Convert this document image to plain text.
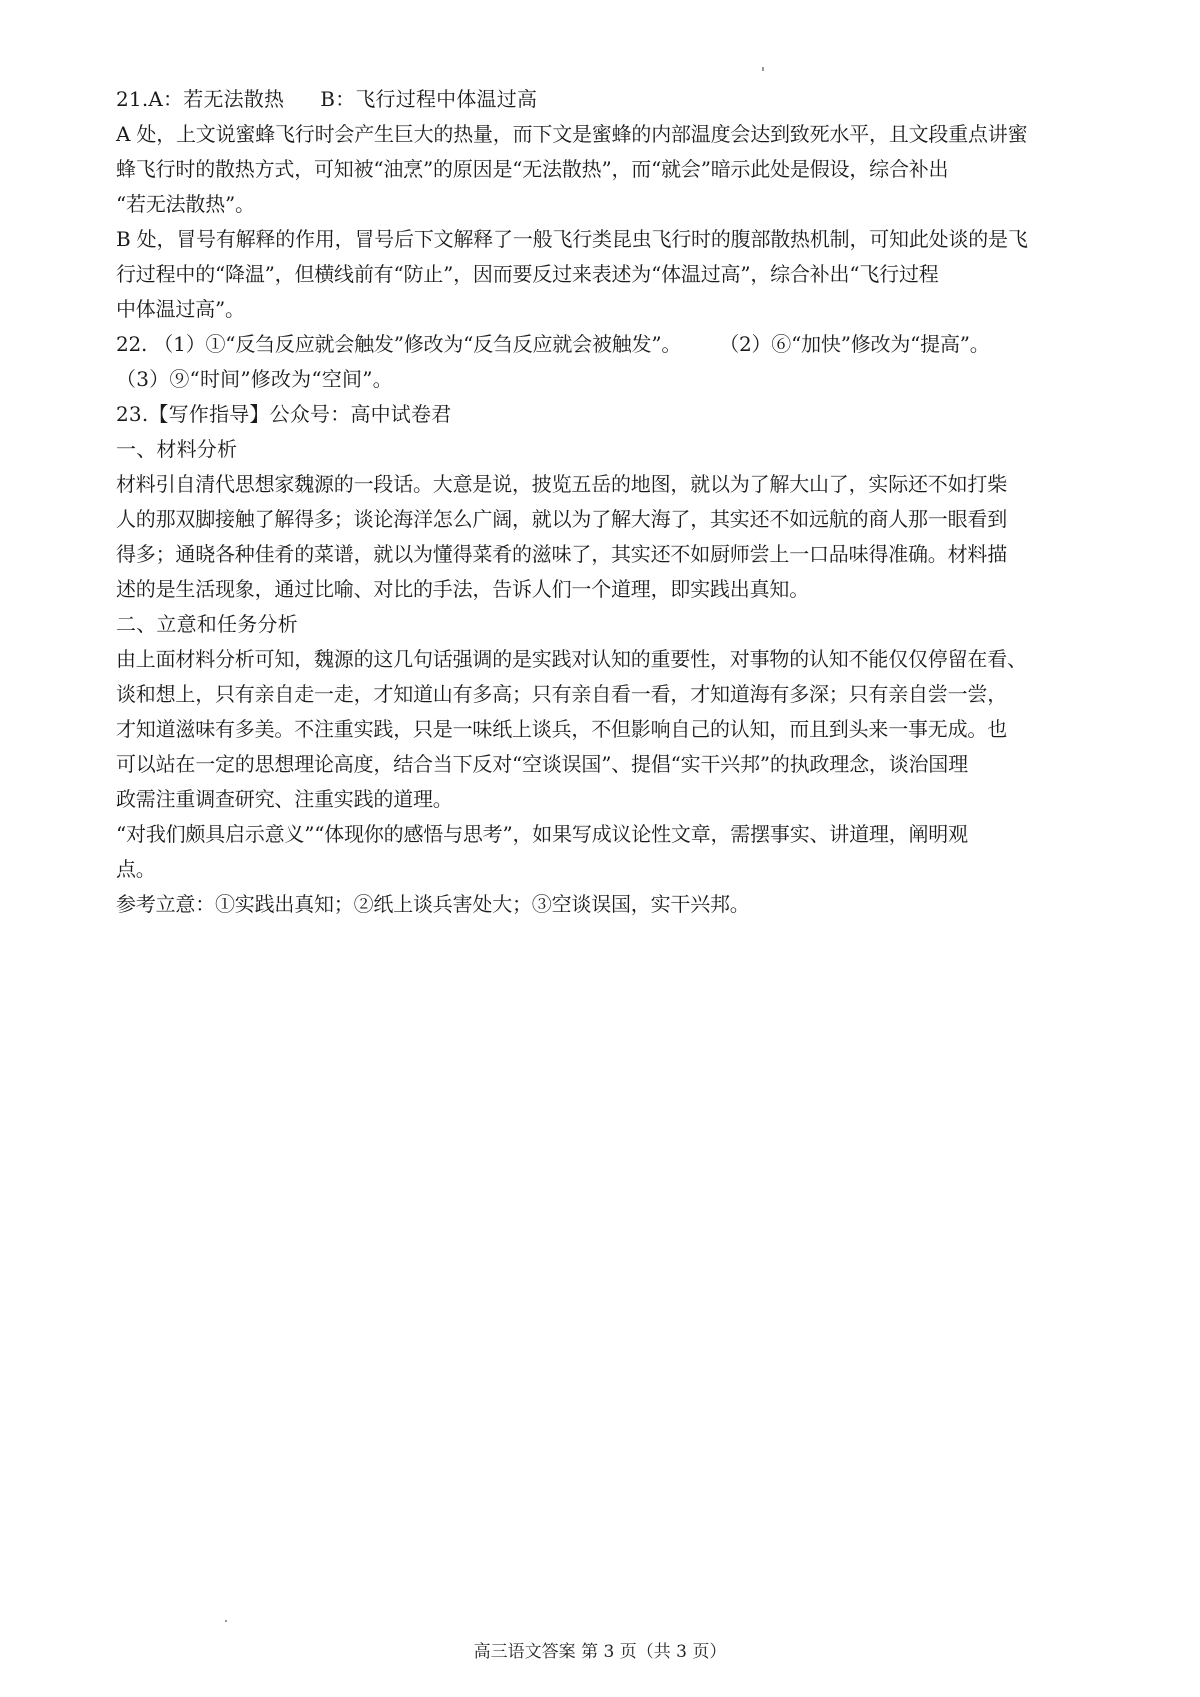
21.A：若无法散热 B：飞行过程中体温过高
A 处，上文说蜜蜂飞行时会产生巨大的热量，而下文是蜜蜂的内部温度会达到致死水平，且文段重点讲蜜
蜂飞行时的散热方式，可知被“油烹”的原因是“无法散热”，而“就会”暗示此处是假设，综合补出
“若无法散热”。
B 处，冒号有解释的作用，冒号后下文解释了一般飞行类昆虫飞行时的腹部散热机制，可知此处谈的是飞
行过程中的“降温”，但横线前有“防止”，因而要反过来表述为“体温过高”，综合补出“飞行过程
中体温过高”。
22. （1）①“反刍反应就会触发”修改为“反刍反应就会被触发”。 （2）⑥“加快”修改为“提高”。
（3）⑨“时间”修改为“空间”。
23.【写作指导】公众号：高中试卷君
一、材料分析
材料引自清代思想家魏源的一段话。大意是说，披览五岳的地图，就以为了解大山了，实际还不如打柴
人的那双脚接触了解得多；谈论海洋怎么广阔，就以为了解大海了，其实还不如远航的商人那一眼看到
得多；通晓各种佳肴的菜谱，就以为懂得菜肴的滋味了，其实还不如厨师尝上一口品味得准确。材料描
述的是生活现象，通过比喻、对比的手法，告诉人们一个道理，即实践出真知。
二、立意和任务分析
由上面材料分析可知，魏源的这几句话强调的是实践对认知的重要性，对事物的认知不能仅仅停留在看、
谈和想上，只有亲自走一走，才知道山有多高；只有亲自看一看，才知道海有多深；只有亲自尝一尝，
才知道滋味有多美。不注重实践，只是一味纸上谈兵，不但影响自己的认知，而且到头来一事无成。也
可以站在一定的思想理论高度，结合当下反对“空谈误国”、提倡“实干兴邦”的执政理念，谈治国理
政需注重调查研究、注重实践的道理。
“对我们颇具启示意义”“体现你的感悟与思考”，如果写成议论性文章，需摆事实、讲道理，阐明观
点。
参考立意：①实践出真知；②纸上谈兵害处大；③空谈误国，实干兴邦。
高三语文答案 第 3 页（共 3 页）
